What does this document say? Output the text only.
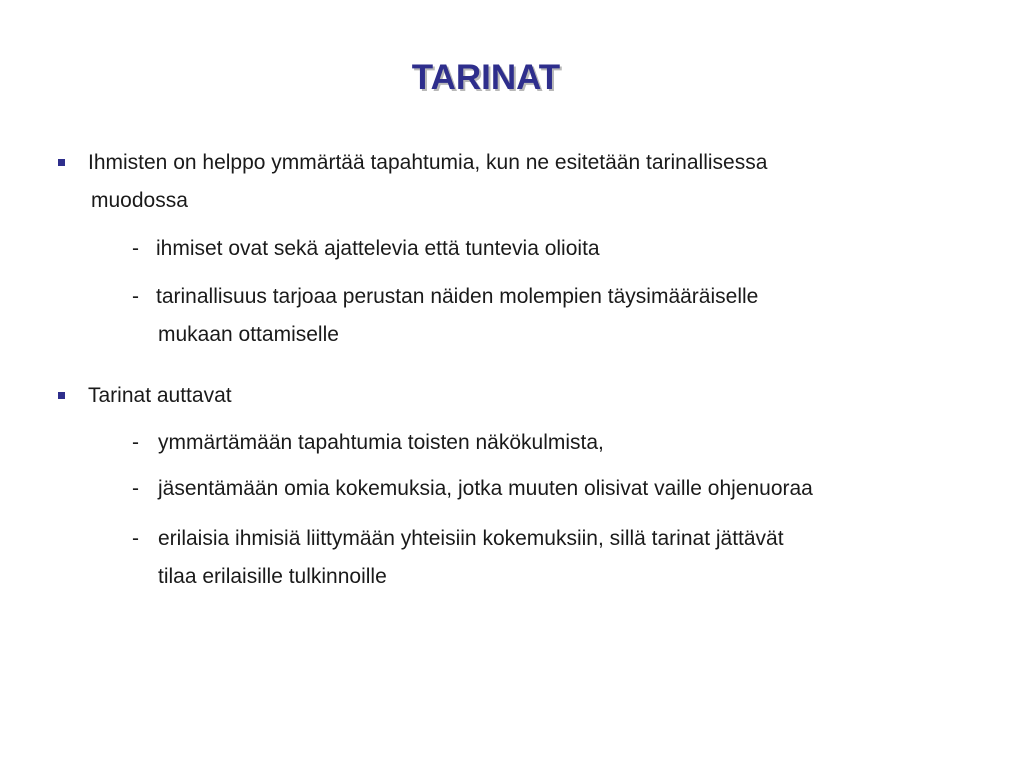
TARINAT

Ihmisten on helppo ymmärtää tapahtumia, kun ne esitetään tarinallisessa

muodossa

- ihmiset ovat sekä ajattelevia että tuntevia olioita

- tarinallisuus tarjoaa perustan näiden molempien täysimääräiselle

mukaan ottamiselle

Tarinat auttavat

- ymmärtämään tapahtumia toisten näkökulmista,

- jäsentämään omia kokemuksia, jotka muuten olisivat vaille ohjenuoraa

- erilaisia ihmisiä liittymään yhteisiin kokemuksiin, sillä tarinat jättävät

tilaa erilaisille tulkinnoille
